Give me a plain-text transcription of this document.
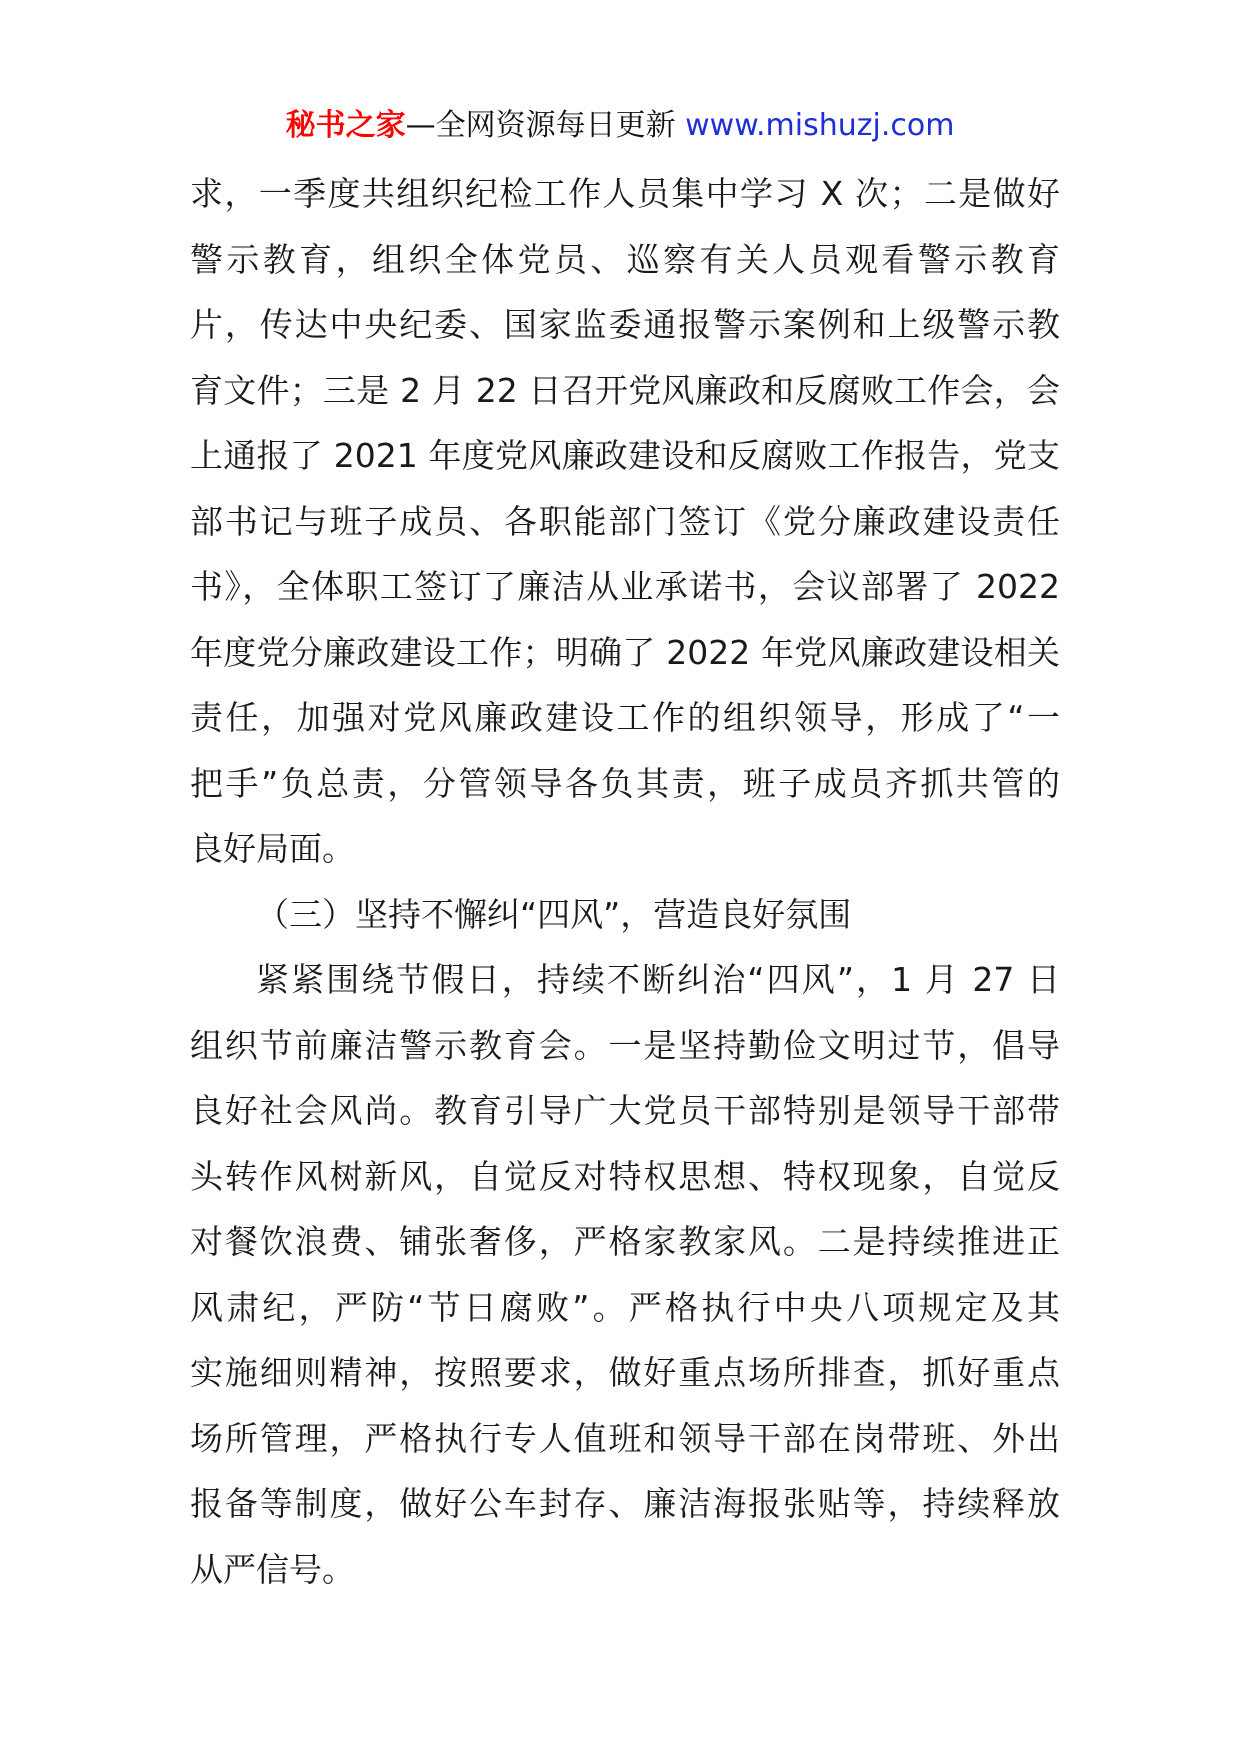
秘书之家—全网资源每日更新 www.mishuzj.com
求，一季度共组织纪检工作人员集中学习 X 次；二是做好
警示教育，组织全体党员、巡察有关人员观看警示教育
片，传达中央纪委、国家监委通报警示案例和上级警示教
育文件；三是 2 月 22 日召开党风廉政和反腐败工作会，会
上通报了 2021 年度党风廉政建设和反腐败工作报告，党支
部书记与班子成员、各职能部门签订《党分廉政建设责任
书》，全体职工签订了廉洁从业承诺书，会议部署了 2022
年度党分廉政建设工作；明确了 2022 年党风廉政建设相关
责任，加强对党风廉政建设工作的组织领导，形成了“一
把手”负总责，分管领导各负其责，班子成员齐抓共管的
良好局面。
（三）坚持不懈纠“四风”，营造良好氛围
紧紧围绕节假日，持续不断纠治“四风”，1 月 27 日
组织节前廉洁警示教育会。一是坚持勤俭文明过节，倡导
良好社会风尚。教育引导广大党员干部特别是领导干部带
头转作风树新风，自觉反对特权思想、特权现象，自觉反
对餐饮浪费、铺张奢侈，严格家教家风。二是持续推进正
风肃纪，严防“节日腐败”。严格执行中央八项规定及其
实施细则精神，按照要求，做好重点场所排查，抓好重点
场所管理，严格执行专人值班和领导干部在岗带班、外出
报备等制度，做好公车封存、廉洁海报张贴等，持续释放
从严信号。
